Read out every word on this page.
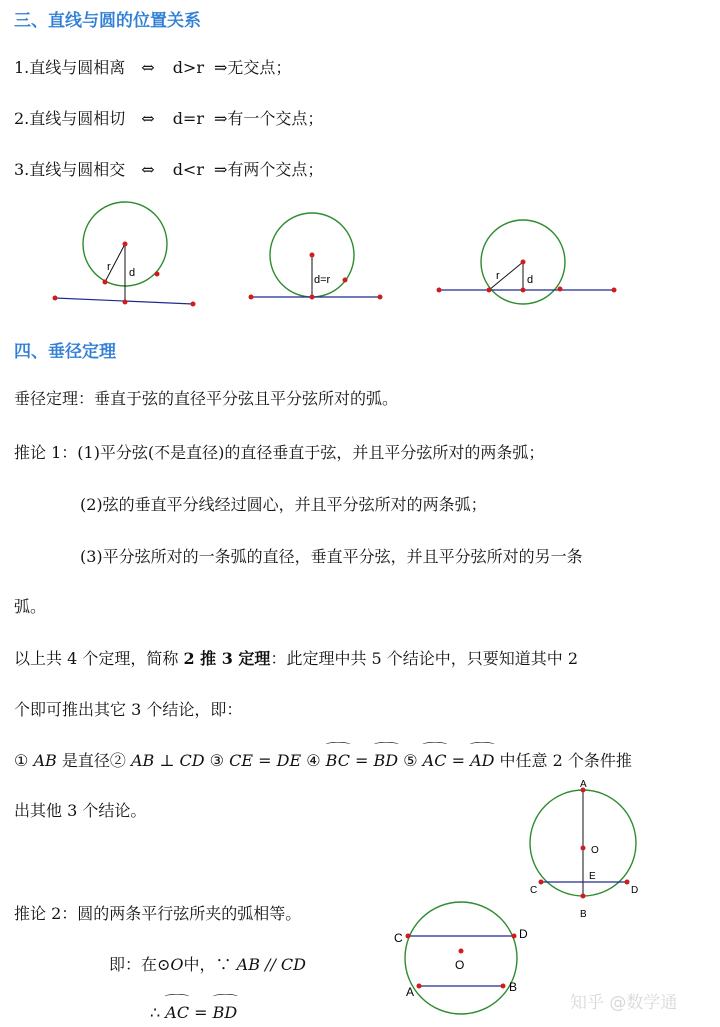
三、直线与圆的位置关系
1.直线与圆相离 ⇔ d>r ⇒无交点；
2.直线与圆相切 ⇔ d=r ⇒有一个交点；
3.直线与圆相交 ⇔ d<r ⇒有两个交点；
r d
d=r	r d
A
B
C	D
E
O
C	D
A	B
O
四、垂径定理
垂径定理：垂直于弦的直径平分弦且平分弦所对的弧。
推论 1：(1)平分弦(不是直径)的直径垂直于弦，并且平分弦所对的两条弧；
(2)弦的垂直平分线经过圆心，并且平分弦所对的两条弧；
(3)平分弦所对的一条弧的直径，垂直平分弦，并且平分弦所对的另一条
弧。
以上共 4 个定理，简称 2 推 3 定理：此定理中共 5 个结论中，只要知道其中 2
个即可推出其它 3 个结论，即：
① AB 是直径② AB ⊥ CD ③ CE = DE ④ ⌒ BC = ⌒ BD ⑤ ⌒ AC = ⌒ AD 中任意 2 个条件推
出其他 3 个结论。
推论 2：圆的两条平行弦所夹的弧相等。
即：在⊙O中，∵ AB // CD
∴ ⌒ AC = ⌒ BD	知乎 @数学通
